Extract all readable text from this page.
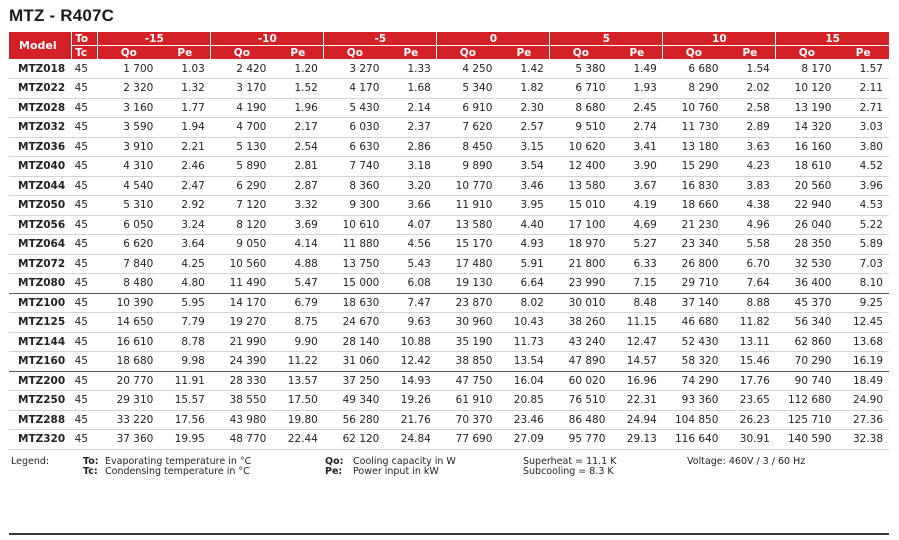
MTZ - R407C
Model	To	-15		-10		-5		0		5		10		15	
	Tc	Qo	Pe	Qo	Pe	Qo	Pe	Qo	Pe	Qo	Pe	Qo	Pe	Qo	Pe
MTZ018	45	1 700	1.03	2 420	1.20	3 270	1.33	4 250	1.42	5 380	1.49	6 680	1.54	8 170	1.57
MTZ022	45	2 320	1.32	3 170	1.52	4 170	1.68	5 340	1.82	6 710	1.93	8 290	2.02	10 120	2.11
MTZ028	45	3 160	1.77	4 190	1.96	5 430	2.14	6 910	2.30	8 680	2.45	10 760	2.58	13 190	2.71
MTZ032	45	3 590	1.94	4 700	2.17	6 030	2.37	7 620	2.57	9 510	2.74	11 730	2.89	14 320	3.03
MTZ036	45	3 910	2.21	5 130	2.54	6 630	2.86	8 450	3.15	10 620	3.41	13 180	3.63	16 160	3.80
MTZ040	45	4 310	2.46	5 890	2.81	7 740	3.18	9 890	3.54	12 400	3.90	15 290	4.23	18 610	4.52
MTZ044	45	4 540	2.47	6 290	2.87	8 360	3.20	10 770	3.46	13 580	3.67	16 830	3.83	20 560	3.96
MTZ050	45	5 310	2.92	7 120	3.32	9 300	3.66	11 910	3.95	15 010	4.19	18 660	4.38	22 940	4.53
MTZ056	45	6 050	3.24	8 120	3.69	10 610	4.07	13 580	4.40	17 100	4.69	21 230	4.96	26 040	5.22
MTZ064	45	6 620	3.64	9 050	4.14	11 880	4.56	15 170	4.93	18 970	5.27	23 340	5.58	28 350	5.89
MTZ072	45	7 840	4.25	10 560	4.88	13 750	5.43	17 480	5.91	21 800	6.33	26 800	6.70	32 530	7.03
MTZ080	45	8 480	4.80	11 490	5.47	15 000	6.08	19 130	6.64	23 990	7.15	29 710	7.64	36 400	8.10
MTZ100	45	10 390	5.95	14 170	6.79	18 630	7.47	23 870	8.02	30 010	8.48	37 140	8.88	45 370	9.25
MTZ125	45	14 650	7.79	19 270	8.75	24 670	9.63	30 960	10.43	38 260	11.15	46 680	11.82	56 340	12.45
MTZ144	45	16 610	8.78	21 990	9.90	28 140	10.88	35 190	11.73	43 240	12.47	52 430	13.11	62 860	13.68
MTZ160	45	18 680	9.98	24 390	11.22	31 060	12.42	38 850	13.54	47 890	14.57	58 320	15.46	70 290	16.19
MTZ200	45	20 770	11.91	28 330	13.57	37 250	14.93	47 750	16.04	60 020	16.96	74 290	17.76	90 740	18.49
MTZ250	45	29 310	15.57	38 550	17.50	49 340	19.26	61 910	20.85	76 510	22.31	93 360	23.65	112 680	24.90
MTZ288	45	33 220	17.56	43 980	19.80	56 280	21.76	70 370	23.46	86 480	24.94	104 850	26.23	125 710	27.36
MTZ320	45	37 360	19.95	48 770	22.44	62 120	24.84	77 690	27.09	95 770	29.13	116 640	30.91	140 590	32.38
Legend:	To: Evaporating temperature in °C
Tc: Condensing temperature in °C
Qo: Cooling capacity in W
Pe: Power input in kW
Superheat = 11.1 K
Subcooling = 8.3 K
Voltage: 460V / 3 / 60 Hz
